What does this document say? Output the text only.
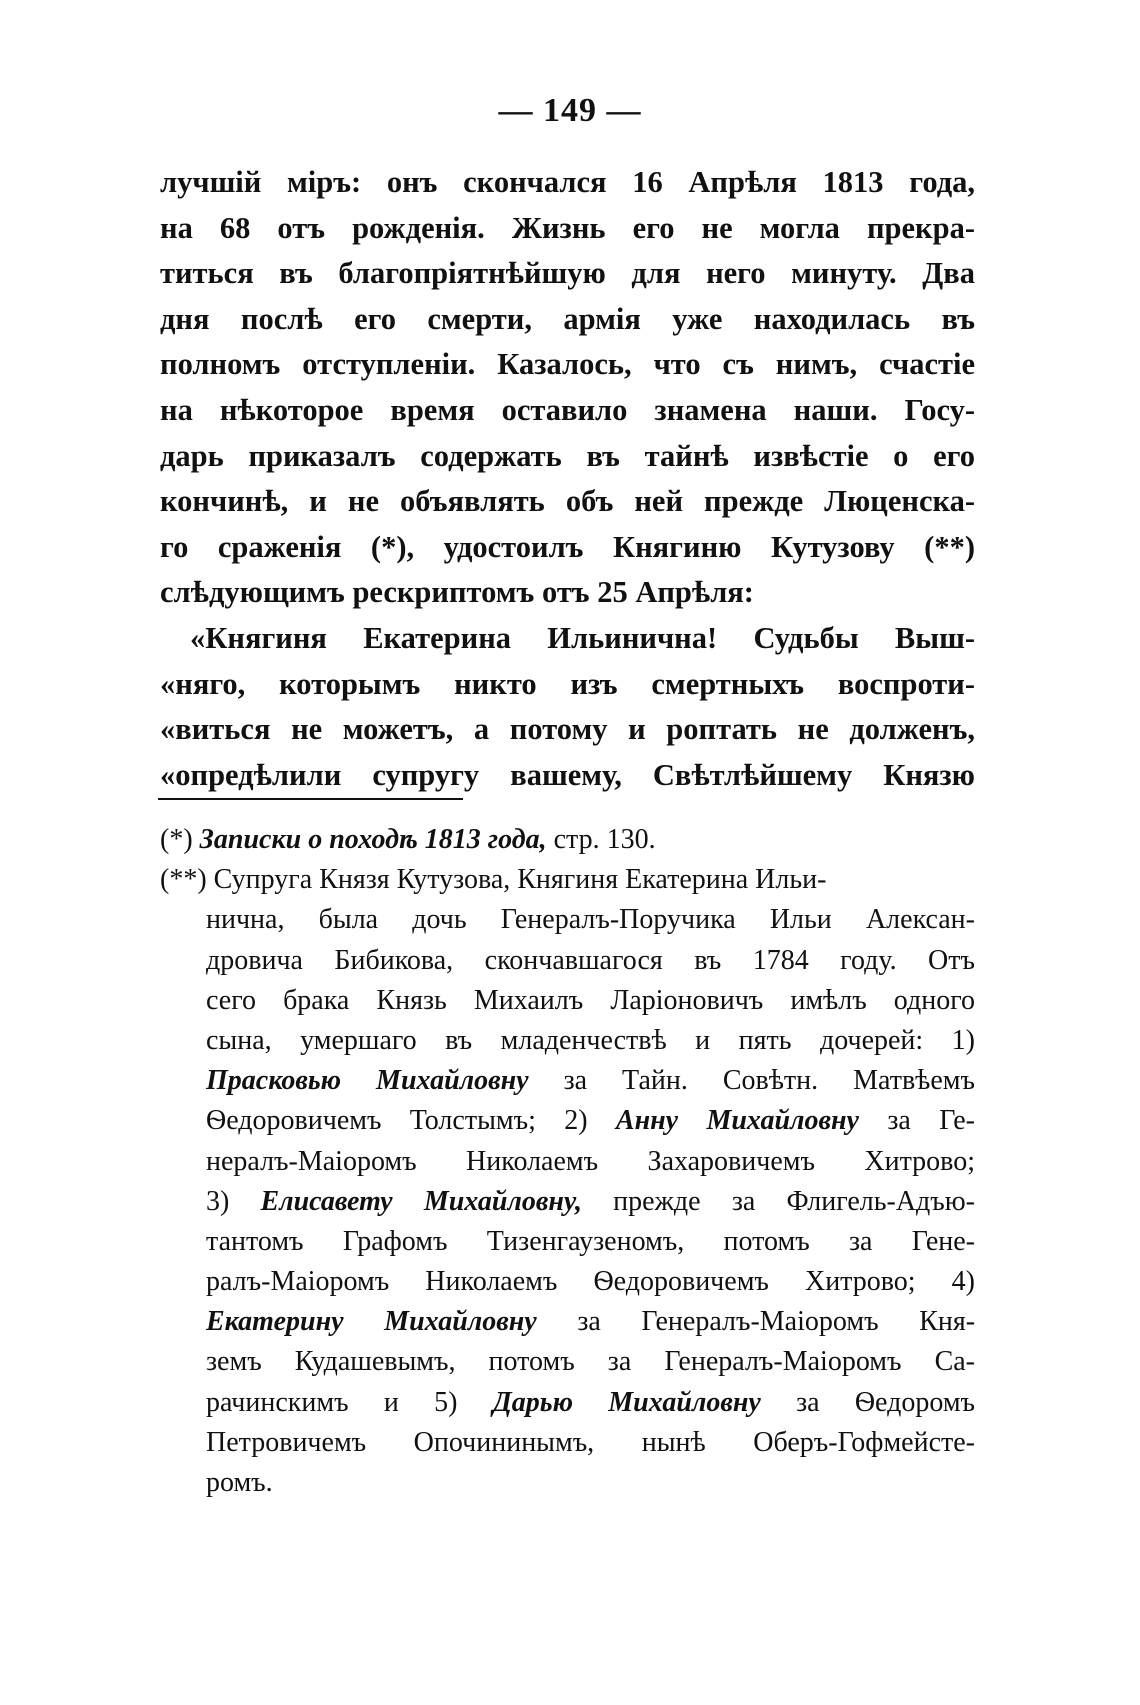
— 149 —
лучшій міръ: онъ скончался 16 Апрѣля 1813 года,
на 68 отъ рожденія. Жизнь его не могла прекра-
титься въ благопріятнѣйшую для него минуту. Два
дня послѣ его смерти, армія уже находилась въ
полномъ отступленіи. Казалось, что съ нимъ, счастіе
на нѣкоторое время оставило знамена наши. Госу-
дарь приказалъ содержать въ тайнѣ извѣстіе о его
кончинѣ, и не объявлять объ ней прежде Люценска-
го сраженія (*), удостоилъ Княгиню Кутузову (**)
слѣдующимъ рескриптомъ отъ 25 Апрѣля:
«Княгиня Екатерина Ильинична! Судьбы Выш-
«няго, которымъ никто изъ смертныхъ воспроти-
«виться не можетъ, а потому и роптать не долженъ,
«опредѣлили супругу вашему, Свѣтлѣйшему Князю
(*) Записки о походѣ 1813 года, стр. 130.
(**) Супруга Князя Кутузова, Княгиня Екатерина Ильи-
нична, была дочь Генералъ-Поручика Ильи Алексан-
дровича Бибикова, скончавшагося въ 1784 году. Отъ
сего брака Князь Михаилъ Ларіоновичъ имѣлъ одного
сына, умершаго въ младенчествѣ и пять дочерей: 1)
Прасковью Михайловну за Тайн. Совѣтн. Матвѣемъ
Ѳедоровичемъ Толстымъ; 2) Анну Михайловну за Ге-
нералъ-Маіоромъ Николаемъ Захаровичемъ Хитрово;
3) Елисавету Михайловну, прежде за Флигель-Адъю-
тантомъ Графомъ Тизенгаузеномъ, потомъ за Гене-
ралъ-Маіоромъ Николаемъ Ѳедоровичемъ Хитрово; 4)
Екатерину Михайловну за Генералъ-Маіоромъ Кня-
земъ Кудашевымъ, потомъ за Генералъ-Маіоромъ Са-
рачинскимъ и 5) Дарью Михайловну за Ѳедоромъ
Петровичемъ Опочининымъ, нынѣ Оберъ-Гофмейсте-
ромъ.
